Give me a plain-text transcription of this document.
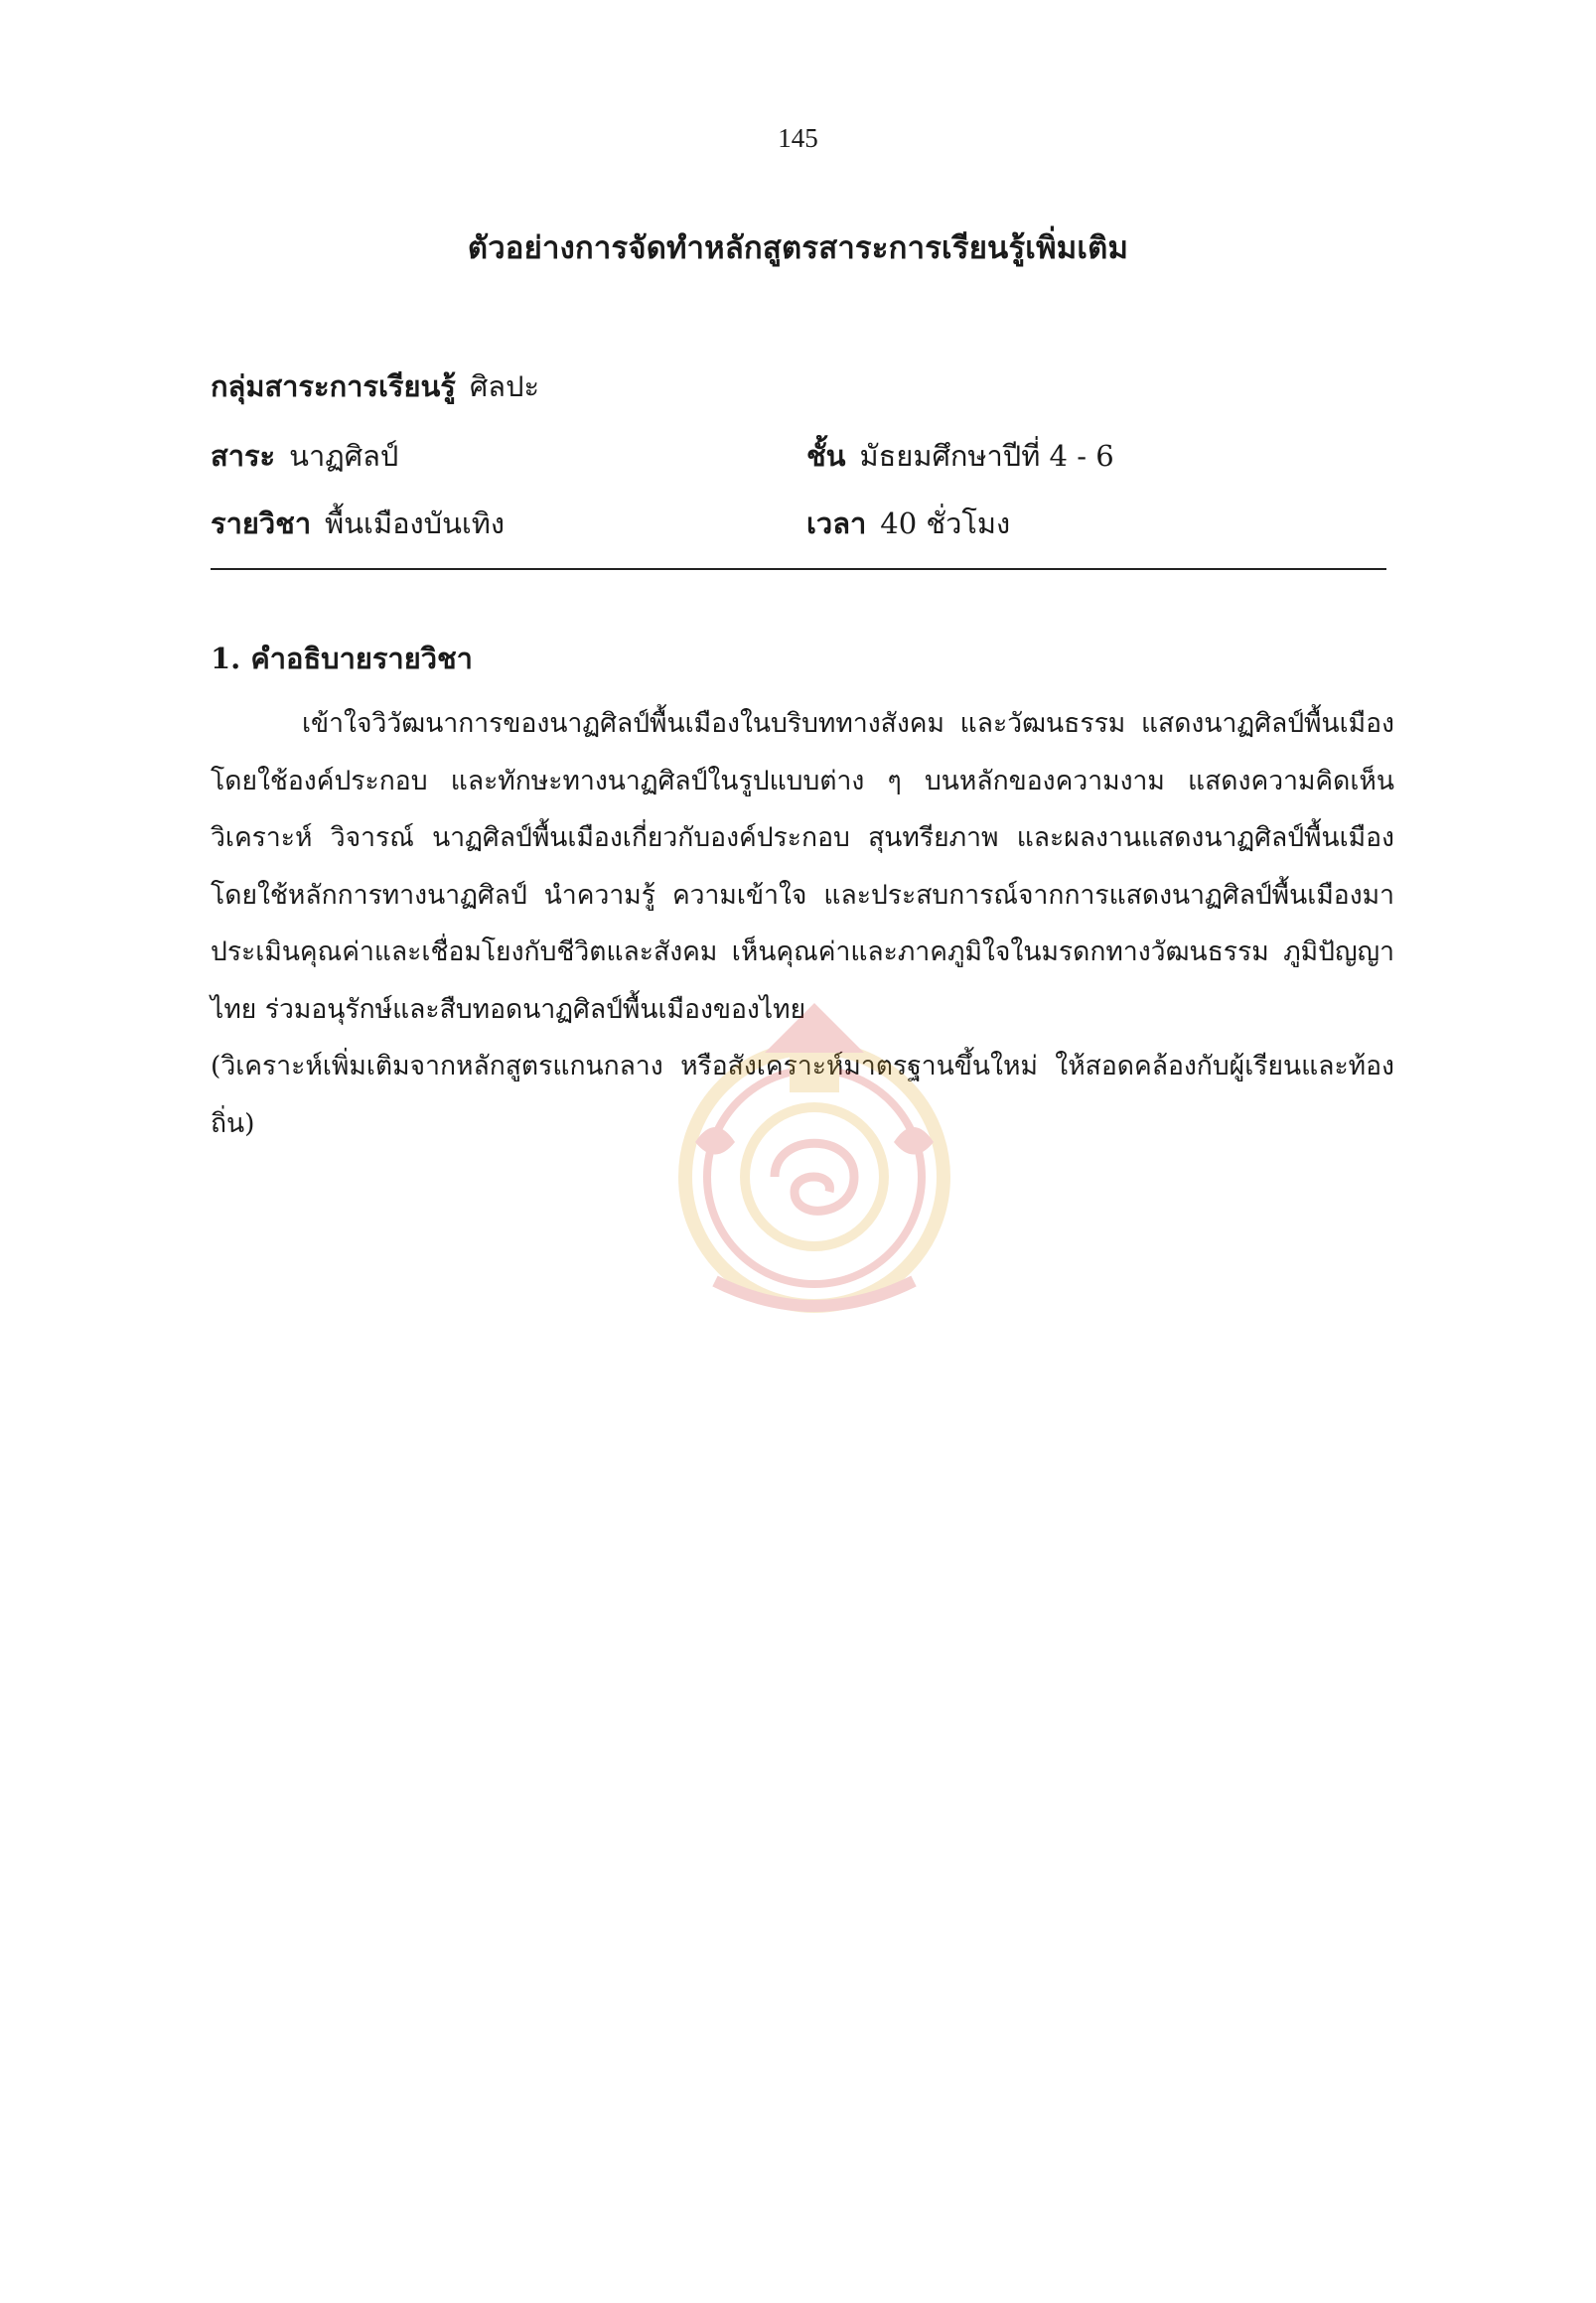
145
ตัวอย่างการจัดทำหลักสูตรสาระการเรียนรู้เพิ่มเติม
กลุ่มสาระการเรียนรู้ ศิลปะ
สาระ นาฏศิลป์	ชั้น มัธยมศึกษาปีที่ 4 - 6
รายวิชา พื้นเมืองบันเทิง	เวลา 40 ชั่วโมง
1. คำอธิบายรายวิชา

เข้าใจวิวัฒนาการของนาฏศิลป์พื้นเมืองในบริบททางสังคม และวัฒนธรรม แสดงนาฏศิลป์พื้นเมือง โดยใช้องค์ประกอบ และทักษะทางนาฏศิลป์ในรูปแบบต่าง ๆ บนหลักของความงาม แสดงความคิดเห็น วิเคราะห์ วิจารณ์ นาฏศิลป์พื้นเมืองเกี่ยวกับองค์ประกอบ สุนทรียภาพ และผลงานแสดงนาฏศิลป์พื้นเมือง โดยใช้หลักการทางนาฏศิลป์ นำความรู้ ความเข้าใจ และประสบการณ์จากการแสดงนาฏศิลป์พื้นเมืองมาประเมินคุณค่าและเชื่อมโยงกับชีวิตและสังคม เห็นคุณค่าและภาคภูมิใจในมรดกทางวัฒนธรรม ภูมิปัญญาไทย ร่วมอนุรักษ์และสืบทอดนาฏศิลป์พื้นเมืองของไทย

(วิเคราะห์เพิ่มเติมจากหลักสูตรแกนกลาง หรือสังเคราะห์มาตรฐานขึ้นใหม่ ให้สอดคล้องกับผู้เรียนและท้องถิ่น)
